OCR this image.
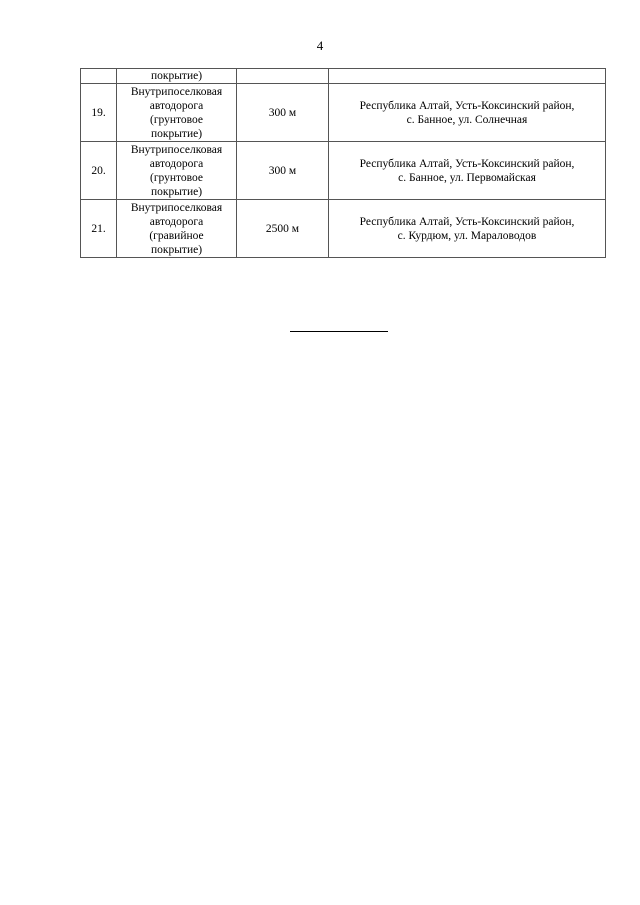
4
	покрытие)		
19.	Внутрипоселковая
автодорога
(грунтовое
покрытие)	300 м	Республика Алтай, Усть-Коксинский район,
с. Банное, ул. Солнечная

20.	Внутрипоселковая
автодорога
(грунтовое
покрытие)	300 м	Республика Алтай, Усть-Коксинский район,
с. Банное, ул. Первомайская

21.	Внутрипоселковая
автодорога
(гравийное
покрытие)	2500 м	Республика Алтай, Усть-Коксинский район,
с. Курдюм, ул. Мараловодов
